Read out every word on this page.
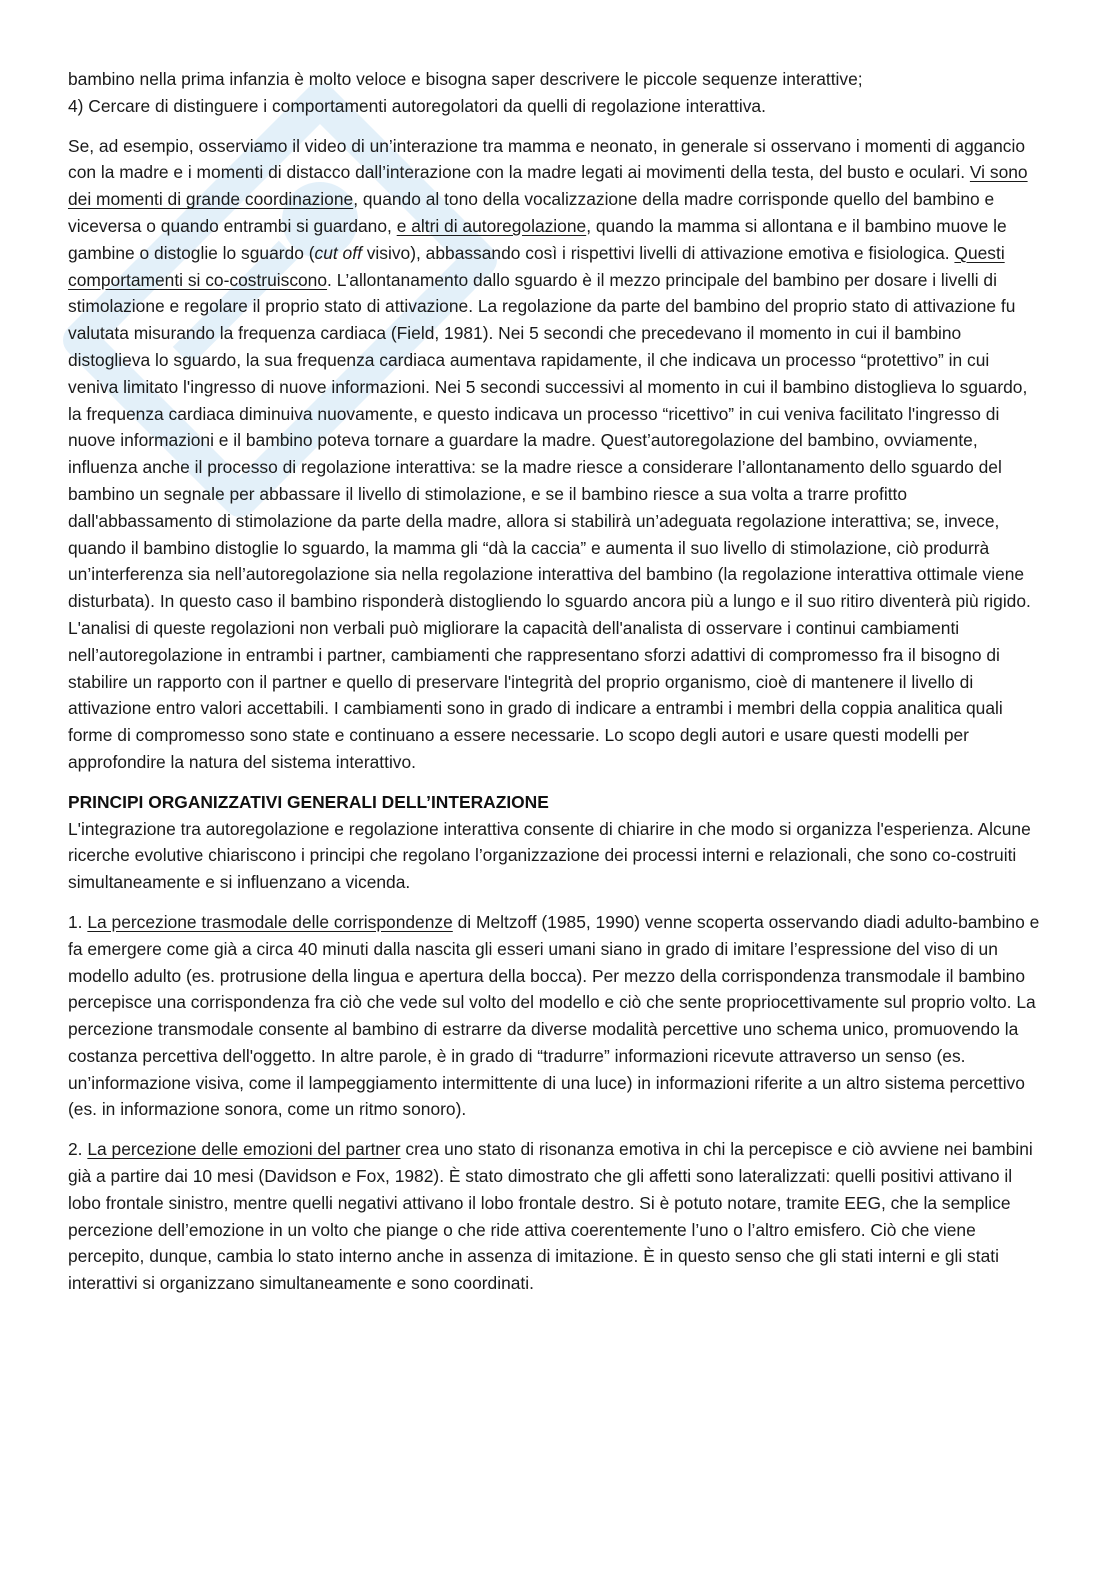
bambino nella prima infanzia è molto veloce e bisogna saper descrivere le piccole sequenze interattive;
4) Cercare di distinguere i comportamenti autoregolatori da quelli di regolazione interattiva.

Se, ad esempio, osserviamo il video di un’interazione tra mamma e neonato, in generale si osservano i momenti di aggancio con la madre e i momenti di distacco dall’interazione con la madre legati ai movimenti della testa, del busto e oculari. Vi sono dei momenti di grande coordinazione, quando al tono della vocalizzazione della madre corrisponde quello del bambino e viceversa o quando entrambi si guardano, e altri di autoregolazione, quando la mamma si allontana e il bambino muove le gambine o distoglie lo sguardo (cut off visivo), abbassando così i rispettivi livelli di attivazione emotiva e fisiologica. Questi comportamenti si co-costruiscono. L’allontanamento dallo sguardo è il mezzo principale del bambino per dosare i livelli di stimolazione e regolare il proprio stato di attivazione. La regolazione da parte del bambino del proprio stato di attivazione fu valutata misurando la frequenza cardiaca (Field, 1981). Nei 5 secondi che precedevano il momento in cui il bambino distoglieva lo sguardo, la sua frequenza cardiaca aumentava rapidamente, il che indicava un processo “protettivo” in cui veniva limitato l'ingresso di nuove informazioni. Nei 5 secondi successivi al momento in cui il bambino distoglieva lo sguardo, la frequenza cardiaca diminuiva nuovamente, e questo indicava un processo “ricettivo” in cui veniva facilitato l'ingresso di nuove informazioni e il bambino poteva tornare a guardare la madre. Quest’autoregolazione del bambino, ovviamente, influenza anche il processo di regolazione interattiva: se la madre riesce a considerare l’allontanamento dello sguardo del bambino un segnale per abbassare il livello di stimolazione, e se il bambino riesce a sua volta a trarre profitto dall'abbassamento di stimolazione da parte della madre, allora si stabilirà un’adeguata regolazione interattiva; se, invece, quando il bambino distoglie lo sguardo, la mamma gli “dà la caccia” e aumenta il suo livello di stimolazione, ciò produrrà un’interferenza sia nell’autoregolazione sia nella regolazione interattiva del bambino (la regolazione interattiva ottimale viene disturbata). In questo caso il bambino risponderà distogliendo lo sguardo ancora più a lungo e il suo ritiro diventerà più rigido.

L'analisi di queste regolazioni non verbali può migliorare la capacità dell'analista di osservare i continui cambiamenti nell’autoregolazione in entrambi i partner, cambiamenti che rappresentano sforzi adattivi di compromesso fra il bisogno di stabilire un rapporto con il partner e quello di preservare l'integrità del proprio organismo, cioè di mantenere il livello di attivazione entro valori accettabili. I cambiamenti sono in grado di indicare a entrambi i membri della coppia analitica quali forme di compromesso sono state e continuano a essere necessarie. Lo scopo degli autori e usare questi modelli per approfondire la natura del sistema interattivo.

PRINCIPI ORGANIZZATIVI GENERALI DELL’INTERAZIONE

L'integrazione tra autoregolazione e regolazione interattiva consente di chiarire in che modo si organizza l'esperienza. Alcune ricerche evolutive chiariscono i principi che regolano l’organizzazione dei processi interni e relazionali, che sono co-costruiti simultaneamente e si influenzano a vicenda.

1. La percezione trasmodale delle corrispondenze di Meltzoff (1985, 1990) venne scoperta osservando diadi adulto-bambino e fa emergere come già a circa 40 minuti dalla nascita gli esseri umani siano in grado di imitare l’espressione del viso di un modello adulto (es. protrusione della lingua e apertura della bocca). Per mezzo della corrispondenza transmodale il bambino percepisce una corrispondenza fra ciò che vede sul volto del modello e ciò che sente propriocettivamente sul proprio volto. La percezione transmodale consente al bambino di estrarre da diverse modalità percettive uno schema unico, promuovendo la costanza percettiva dell'oggetto. In altre parole, è in grado di “tradurre” informazioni ricevute attraverso un senso (es. un’informazione visiva, come il lampeggiamento intermittente di una luce) in informazioni riferite a un altro sistema percettivo (es. in informazione sonora, come un ritmo sonoro).

2. La percezione delle emozioni del partner crea uno stato di risonanza emotiva in chi la percepisce e ciò avviene nei bambini già a partire dai 10 mesi (Davidson e Fox, 1982). È stato dimostrato che gli affetti sono lateralizzati: quelli positivi attivano il lobo frontale sinistro, mentre quelli negativi attivano il lobo frontale destro. Si è potuto notare, tramite EEG, che la semplice percezione dell’emozione in un volto che piange o che ride attiva coerentemente l’uno o l’altro emisfero. Ciò che viene percepito, dunque, cambia lo stato interno anche in assenza di imitazione. È in questo senso che gli stati interni e gli stati interattivi si organizzano simultaneamente e sono coordinati.
